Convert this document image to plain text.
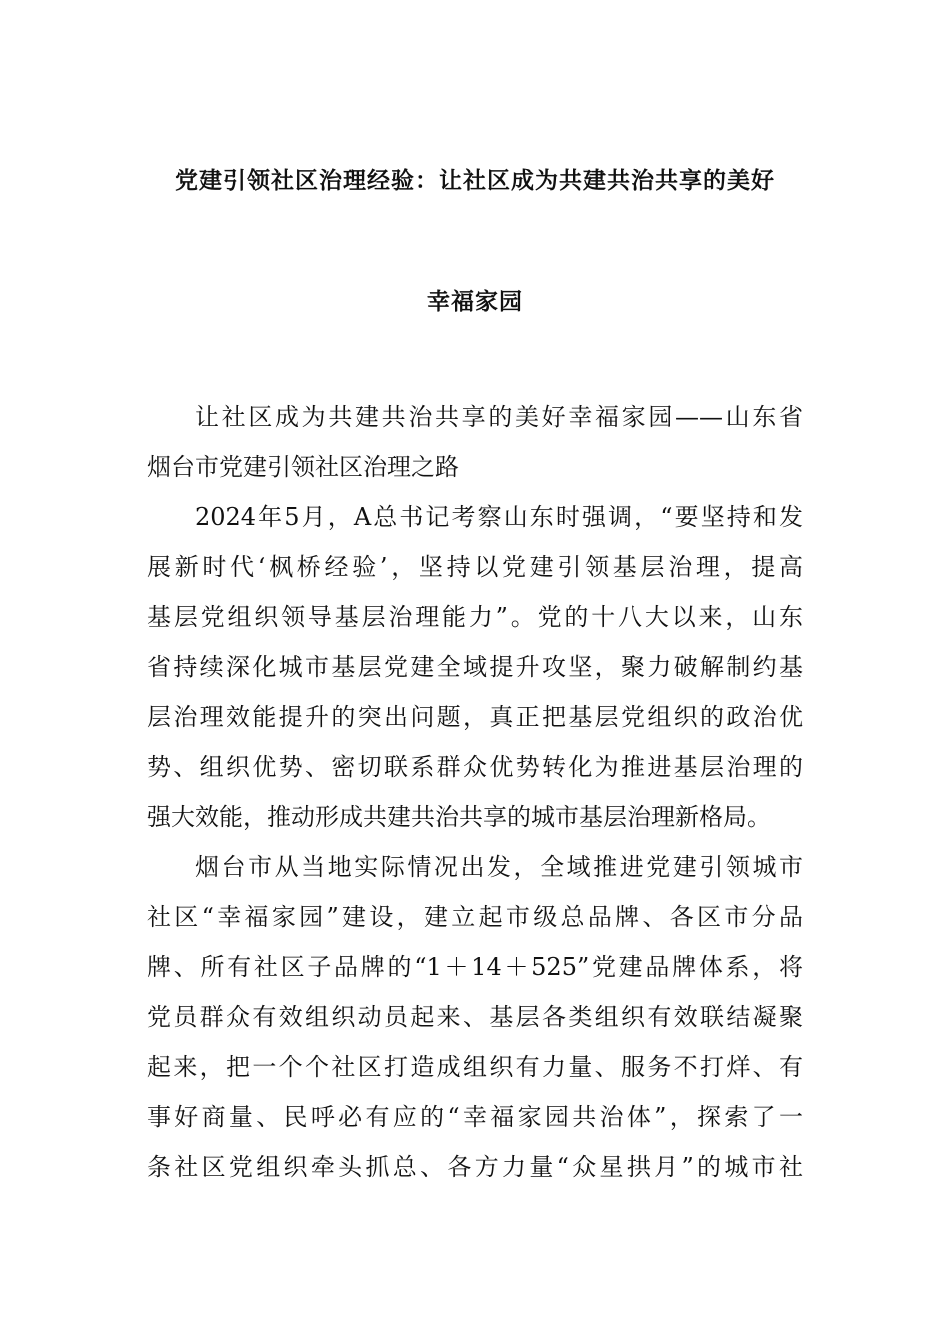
党建引领社区治理经验：让社区成为共建共治共享的美好
幸福家园
让社区成为共建共治共享的美好幸福家园——山东省
烟台市党建引领社区治理之路
2024年5月，A总书记考察山东时强调，“要坚持和发
展新时代‘枫桥经验’，坚持以党建引领基层治理，提高
基层党组织领导基层治理能力”。党的十八大以来，山东
省持续深化城市基层党建全域提升攻坚，聚力破解制约基
层治理效能提升的突出问题，真正把基层党组织的政治优
势、组织优势、密切联系群众优势转化为推进基层治理的
强大效能，推动形成共建共治共享的城市基层治理新格局。
烟台市从当地实际情况出发，全域推进党建引领城市
社区“幸福家园”建设，建立起市级总品牌、各区市分品
牌、所有社区子品牌的“1＋14＋525”党建品牌体系，将
党员群众有效组织动员起来、基层各类组织有效联结凝聚
起来，把一个个社区打造成组织有力量、服务不打烊、有
事好商量、民呼必有应的“幸福家园共治体”，探索了一
条社区党组织牵头抓总、各方力量“众星拱月”的城市社
